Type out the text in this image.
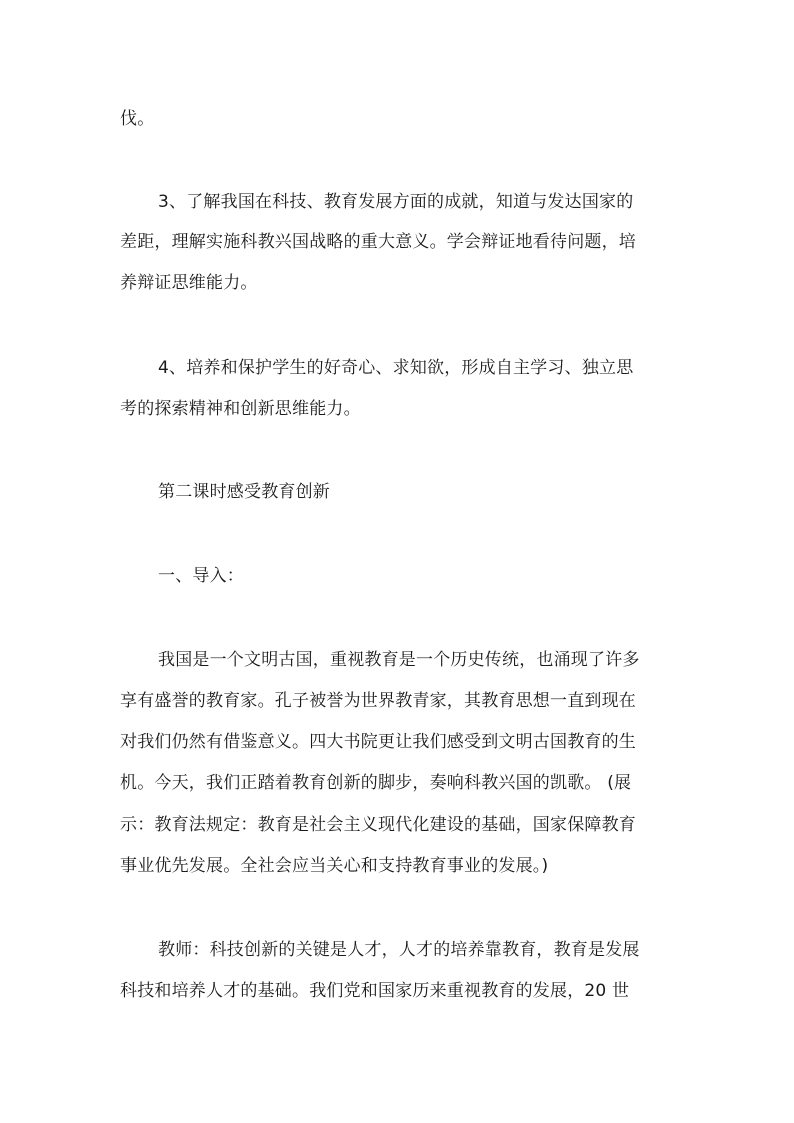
伐。
3、了解我国在科技、教育发展方面的成就，知道与发达国家的
差距，理解实施科教兴国战略的重大意义。学会辩证地看待问题，培
养辩证思维能力。
4、培养和保护学生的好奇心、求知欲，形成自主学习、独立思
考的探索精神和创新思维能力。
第二课时感受教育创新
一、导入：
我国是一个文明古国，重视教育是一个历史传统，也涌现了许多
享有盛誉的教育家。孔子被誉为世界教青家，其教育思想一直到现在
对我们仍然有借鉴意义。四大书院更让我们感受到文明古国教育的生
机。今天，我们正踏着教育创新的脚步，奏响科教兴国的凯歌。 (展
示：教育法规定：教育是社会主义现代化建设的基础，国家保障教育
事业优先发展。全社会应当关心和支持教育事业的发展。)
教师：科技创新的关键是人才，人才的培养靠教育，教育是发展
科技和培养人才的基础。我们党和国家历来重视教育的发展，20 世
